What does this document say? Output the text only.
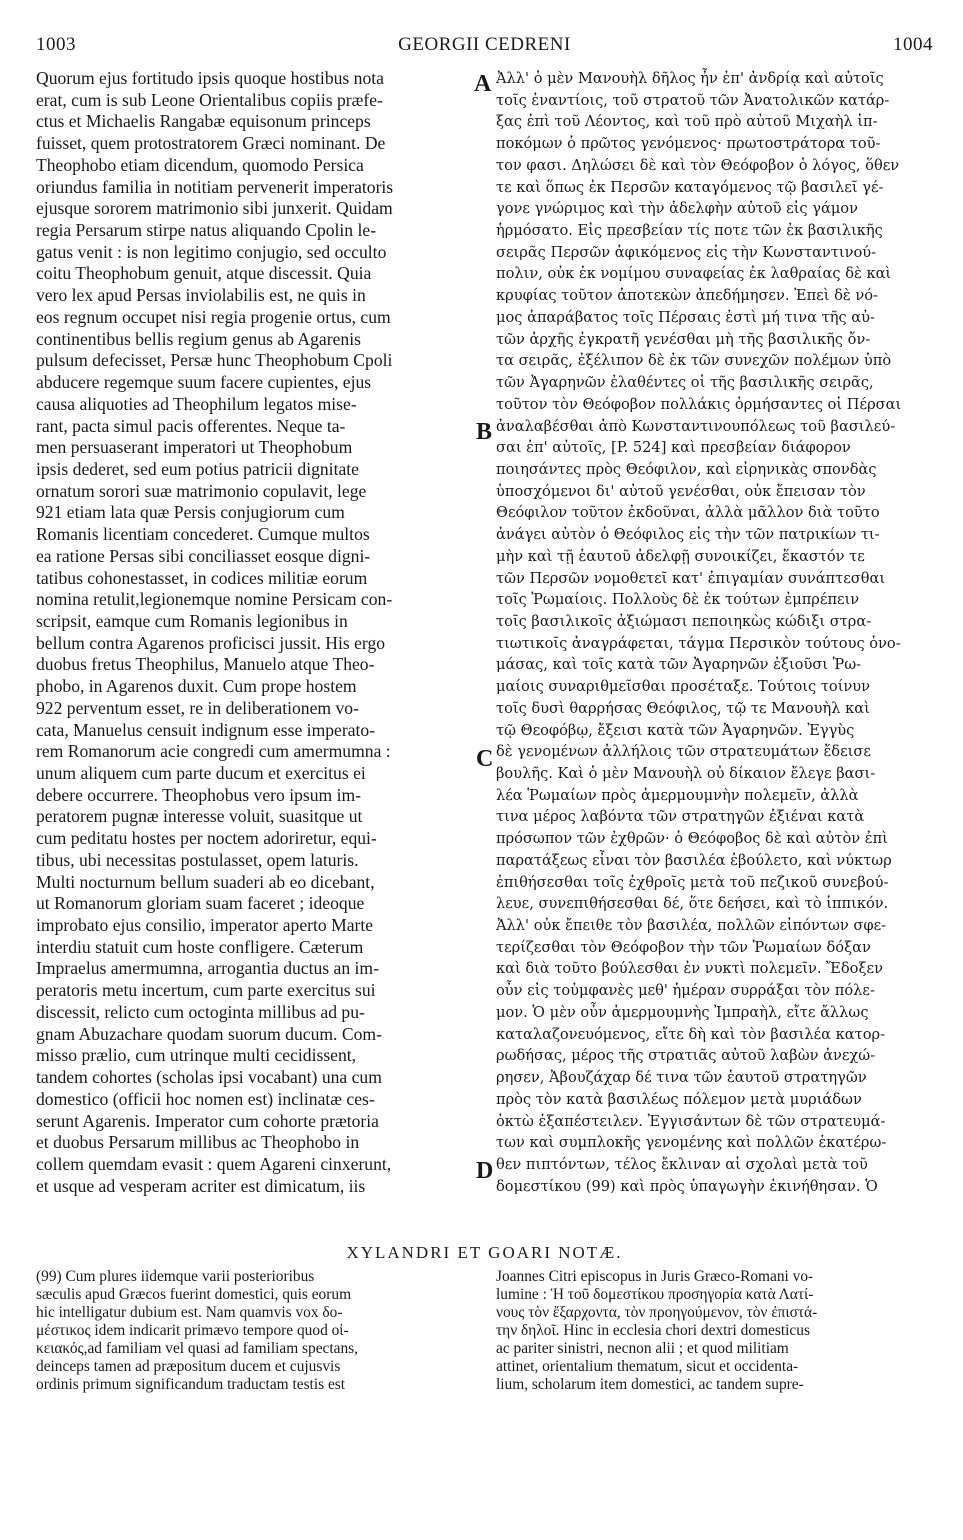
1003	GEORGII CEDRENI	1004
Quorum ejus fortitudo ipsis quoque hostibus nota
erat, cum is sub Leone Orientalibus copiis præfe-
ctus et Michaelis Rangabæ equisonum princeps
fuisset, quem protostratorem Græci nominant. De
Theophobo etiam dicendum, quomodo Persica
oriundus familia in notitiam pervenerit imperatoris
ejusque sororem matrimonio sibi junxerit. Quidam
regia Persarum stirpe natus aliquando Cpolin le-
gatus venit : is non legitimo conjugio, sed occulto
coitu Theophobum genuit, atque discessit. Quia
vero lex apud Persas inviolabilis est, ne quis in
eos regnum occupet nisi regia progenie ortus, cum
continentibus bellis regium genus ab Agarenis
pulsum defecisset, Persæ hunc Theophobum Cpoli
abducere regemque suum facere cupientes, ejus
causa aliquoties ad Theophilum legatos mise-
rant, pacta simul pacis offerentes. Neque ta-
men persuaserant imperatori ut Theophobum
ipsis dederet, sed eum potius patricii dignitate
ornatum sorori suæ matrimonio copulavit, lege
921 etiam lata quæ Persis conjugiorum cum
Romanis licentiam concederet. Cumque multos
ea ratione Persas sibi conciliasset eosque digni-
tatibus cohonestasset, in codices militiæ eorum
nomina retulit,legionemque nomine Persicam con-
scripsit, eamque cum Romanis legionibus in
bellum contra Agarenos proficisci jussit. His ergo
duobus fretus Theophilus, Manuelo atque Theo-
phobo, in Agarenos duxit. Cum prope hostem
922 perventum esset, re in deliberationem vo-
cata, Manuelus censuit indignum esse imperato-
rem Romanorum acie congredi cum amermumna :
unum aliquem cum parte ducum et exercitus ei
debere occurrere. Theophobus vero ipsum im-
peratorem pugnæ interesse voluit, suasitque ut
cum peditatu hostes per noctem adoriretur, equi-
tibus, ubi necessitas postulasset, opem laturis.
Multi nocturnum bellum suaderi ab eo dicebant,
ut Romanorum gloriam suam faceret ; ideoque
improbato ejus consilio, imperator aperto Marte
interdiu statuit cum hoste confligere. Cæterum
Impraelus amermumna, arrogantia ductus an im-
peratoris metu incertum, cum parte exercitus sui
discessit, relicto cum octoginta millibus ad pu-
gnam Abuzachare quodam suorum ducum. Com-
misso prælio, cum utrinque multi cecidissent,
tandem cohortes (scholas ipsi vocabant) una cum
domestico (officii hoc nomen est) inclinatæ ces-
serunt Agarenis. Imperator cum cohorte prætoria
et duobus Persarum millibus ac Theophobo in
collem quemdam evasit : quem Agareni cinxerunt,
et usque ad vesperam acriter est dimicatum, iis
A
B
C
D
Ἀλλ' ὁ μὲν Μανουὴλ δῆλος ἦν ἐπ' ἀνδρίᾳ καὶ αὐτοῖς
τοῖς ἐναντίοις, τοῦ στρατοῦ τῶν Ἀνατολικῶν κατάρ-
ξας ἐπὶ τοῦ Λέοντος, καὶ τοῦ πρὸ αὐτοῦ Μιχαὴλ ἱπ-
ποκόμων ὁ πρῶτος γενόμενος· πρωτοστράτορα τοῦ-
τον φασι. Δηλώσει δὲ καὶ τὸν Θεόφοβον ὁ λόγος, ὅθεν
τε καὶ ὅπως ἐκ Περσῶν καταγόμενος τῷ βασιλεῖ γέ-
γονε γνώριμος καὶ τὴν ἀδελφὴν αὐτοῦ εἰς γάμον
ἡρμόσατο. Εἰς πρεσβείαν τίς ποτε τῶν ἐκ βασιλικῆς
σειρᾶς Περσῶν ἀφικόμενος εἰς τὴν Κωνσταντινού-
πολιν, οὐκ ἐκ νομίμου συναφείας ἐκ λαθραίας δὲ καὶ
κρυφίας τοῦτον ἀποτεκὼν ἀπεδήμησεν. Ἐπεὶ δὲ νό-
μος ἀπαράβατος τοῖς Πέρσαις ἐστὶ μή τινα τῆς αὐ-
τῶν ἀρχῆς ἐγκρατῆ γενέσθαι μὴ τῆς βασιλικῆς ὄν-
τα σειρᾶς, ἐξέλιπον δὲ ἐκ τῶν συνεχῶν πολέμων ὑπὸ
τῶν Ἀγαρηνῶν ἐλαθέντες οἱ τῆς βασιλικῆς σειρᾶς,
τοῦτον τὸν Θεόφοβον πολλάκις ὁρμήσαντες οἱ Πέρσαι
ἀναλαβέσθαι ἀπὸ Κωνσταντινουπόλεως τοῦ βασιλεύ-
σαι ἐπ' αὐτοῖς, [P. 524] καὶ πρεσβείαν διάφορον
ποιησάντες πρὸς Θεόφιλον, καὶ εἰρηνικὰς σπονδὰς
ὑποσχόμενοι δι' αὐτοῦ γενέσθαι, οὐκ ἔπεισαν τὸν
Θεόφιλον τοῦτον ἐκδοῦναι, ἀλλὰ μᾶλλον διὰ τοῦτο
ἀνάγει αὐτὸν ὁ Θεόφιλος εἰς τὴν τῶν πατρικίων τι-
μὴν καὶ τῇ ἑαυτοῦ ἀδελφῇ συνοικίζει, ἕκαστόν τε
τῶν Περσῶν νομοθετεῖ κατ' ἐπιγαμίαν συνάπτεσθαι
τοῖς Ῥωμαίοις. Πολλοὺς δὲ ἐκ τούτων ἐμπρέπειν
τοῖς βασιλικοῖς ἀξιώμασι πεποιηκὼς κώδιξι στρα-
τιωτικοῖς ἀναγράφεται, τάγμα Περσικὸν τούτους ὀνο-
μάσας, καὶ τοῖς κατὰ τῶν Ἀγαρηνῶν ἐξιοῦσι Ῥω-
μαίοις συναριθμεῖσθαι προσέταξε. Τούτοις τοίνυν
τοῖς δυσὶ θαρρήσας Θεόφιλος, τῷ τε Μανουὴλ καὶ
τῷ Θεοφόβῳ, ἔξεισι κατὰ τῶν Ἀγαρηνῶν. Ἐγγὺς
δὲ γενομένων ἀλλήλοις τῶν στρατευμάτων ἔδεισε
βουλῆς. Καὶ ὁ μὲν Μανουὴλ οὐ δίκαιον ἔλεγε βασι-
λέα Ῥωμαίων πρὸς ἀμερμουμνὴν πολεμεῖν, ἀλλὰ
τινα μέρος λαβόντα τῶν στρατηγῶν ἐξιέναι κατὰ
πρόσωπον τῶν ἐχθρῶν· ὁ Θεόφοβος δὲ καὶ αὐτὸν ἐπὶ
παρατάξεως εἶναι τὸν βασιλέα ἐβούλετο, καὶ νύκτωρ
ἐπιθήσεσθαι τοῖς ἐχθροῖς μετὰ τοῦ πεζικοῦ συνεβού-
λευε, συνεπιθήσεσθαι δέ, ὅτε δεήσει, καὶ τὸ ἱππικόν.
Ἀλλ' οὐκ ἔπειθε τὸν βασιλέα, πολλῶν εἰπόντων σφε-
τερίζεσθαι τὸν Θεόφοβον τὴν τῶν Ῥωμαίων δόξαν
καὶ διὰ τοῦτο βούλεσθαι ἐν νυκτὶ πολεμεῖν. Ἔδοξεν
οὖν εἰς τοὐμφανὲς μεθ' ἡμέραν συρράξαι τὸν πόλε-
μον. Ὁ μὲν οὖν ἀμερμουμνὴς Ἰμπραὴλ, εἴτε ἄλλως
καταλαζονευόμενος, εἴτε δὴ καὶ τὸν βασιλέα κατορ-
ρωδήσας, μέρος τῆς στρατιᾶς αὐτοῦ λαβὼν ἀνεχώ-
ρησεν, Ἀβουζάχαρ δέ τινα τῶν ἑαυτοῦ στρατηγῶν
πρὸς τὸν κατὰ βασιλέως πόλεμον μετὰ μυριάδων
ὀκτὼ ἐξαπέστειλεν. Ἐγγισάντων δὲ τῶν στρατευμά-
των καὶ συμπλοκῆς γενομένης καὶ πολλῶν ἑκατέρω-
θεν πιπτόντων, τέλος ἔκλιναν αἱ σχολαὶ μετὰ τοῦ
δομεστίκου (99) καὶ πρὸς ὑπαγωγὴν ἐκινήθησαν. Ὁ
XYLANDRI ET GOARI NOTÆ.
(99) Cum plures iidemque varii posterioribus
sæculis apud Græcos fuerint domestici, quis eorum
hic intelligatur dubium est. Nam quamvis vox δο-
μέστικος idem indicarit primævo tempore quod οἰ-
κειακός,ad familiam vel quasi ad familiam spectans,
deinceps tamen ad præpositum ducem et cujusvis
ordinis primum significandum traductam testis est
Joannes Citri episcopus in Juris Græco-Romani vo-
lumine : Ἡ τοῦ δομεστίκου προσηγορία κατὰ Λατί-
νους τὸν ἔξαρχοντα, τὸν προηγούμενον, τὸν ἐπιστά-
την δηλοῖ. Hinc in ecclesia chori dextri domesticus
ac pariter sinistri, necnon alii ; et quod militiam
attinet, orientalium thematum, sicut et occidenta-
lium, scholarum item domestici, ac tandem supre-
